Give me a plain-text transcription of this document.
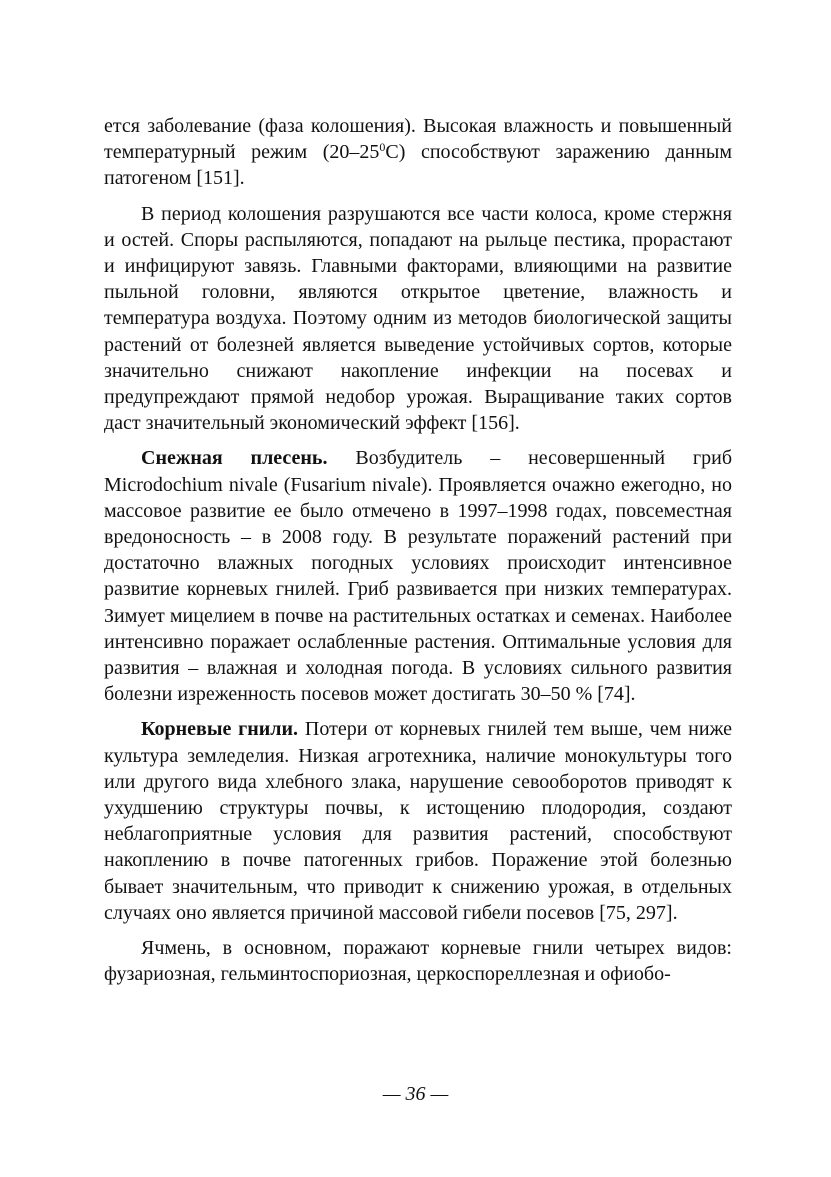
ется заболевание (фаза колошения). Высокая влажность и повышенный температурный режим $(20-25^0С)$ способствуют заражению данным патогеном [151].

В период колошения разрушаются все части колоса, кроме стержня и остей. Споры распыляются, попадают на рыльце пестика, прорастают и инфицируют завязь. Главными факторами, влияющими на развитие пыльной головни, являются открытое цветение, влажность и температура воздуха. Поэтому одним из методов биологической защиты растений от болезней является выведение устойчивых сортов, которые значительно снижают накопление инфекции на посевах и предупреждают прямой недобор урожая. Выращивание таких сортов даст значительный экономический эффект [156].

Снежная плесень. Возбудитель – несовершенный гриб Microdochium nivale (Fusarium nivale). Проявляется очажно ежегодно, но массовое развитие ее было отмечено в 1997–1998 годах, повсеместная вредоносность – в 2008 году. В результате поражений растений при достаточно влажных погодных условиях происходит интенсивное развитие корневых гнилей. Гриб развивается при низких температурах. Зимует мицелием в почве на растительных остатках и семенах. Наиболее интенсивно поражает ослабленные растения. Оптимальные условия для развития – влажная и холодная погода. В условиях сильного развития болезни изреженность посевов может достигать 30–50 % [74].

Корневые гнили. Потери от корневых гнилей тем выше, чем ниже культура земледелия. Низкая агротехника, наличие монокультуры того или другого вида хлебного злака, нарушение севооборотов приводят к ухудшению структуры почвы, к истощению плодородия, создают неблагоприятные условия для развития растений, способствуют накоплению в почве патогенных грибов. Поражение этой болезнью бывает значительным, что приводит к снижению урожая, в отдельных случаях оно является причиной массовой гибели посевов [75, 297].

Ячмень, в основном, поражают корневые гнили четырех видов: фузариозная, гельминтоспориозная, церкоспореллезная и офиобо-

— 36 —
